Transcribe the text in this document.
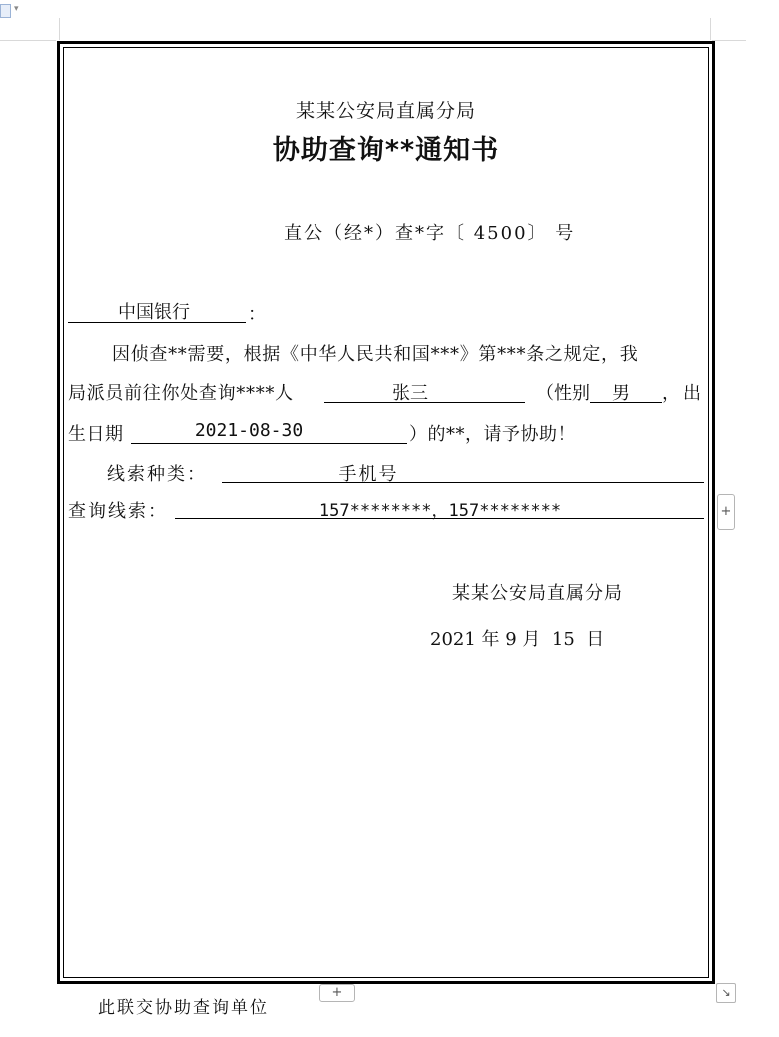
▾
某某公安局直属分局
协助查询**通知书
直公（经*）查*字〔 4500〕 号
中国银行	：
因侦查**需要，根据《中华人民共和国***》第***条之规定，我
局派员前往你处查询****人	张三	（性别	男	，出
生日期	2021-08-30	）的**，请予协助！
线索种类：	手机号
查询线索：	157********，157********
某某公安局直属分局
2021 年 9 月  15  日
+
+	↘
此联交协助查询单位
